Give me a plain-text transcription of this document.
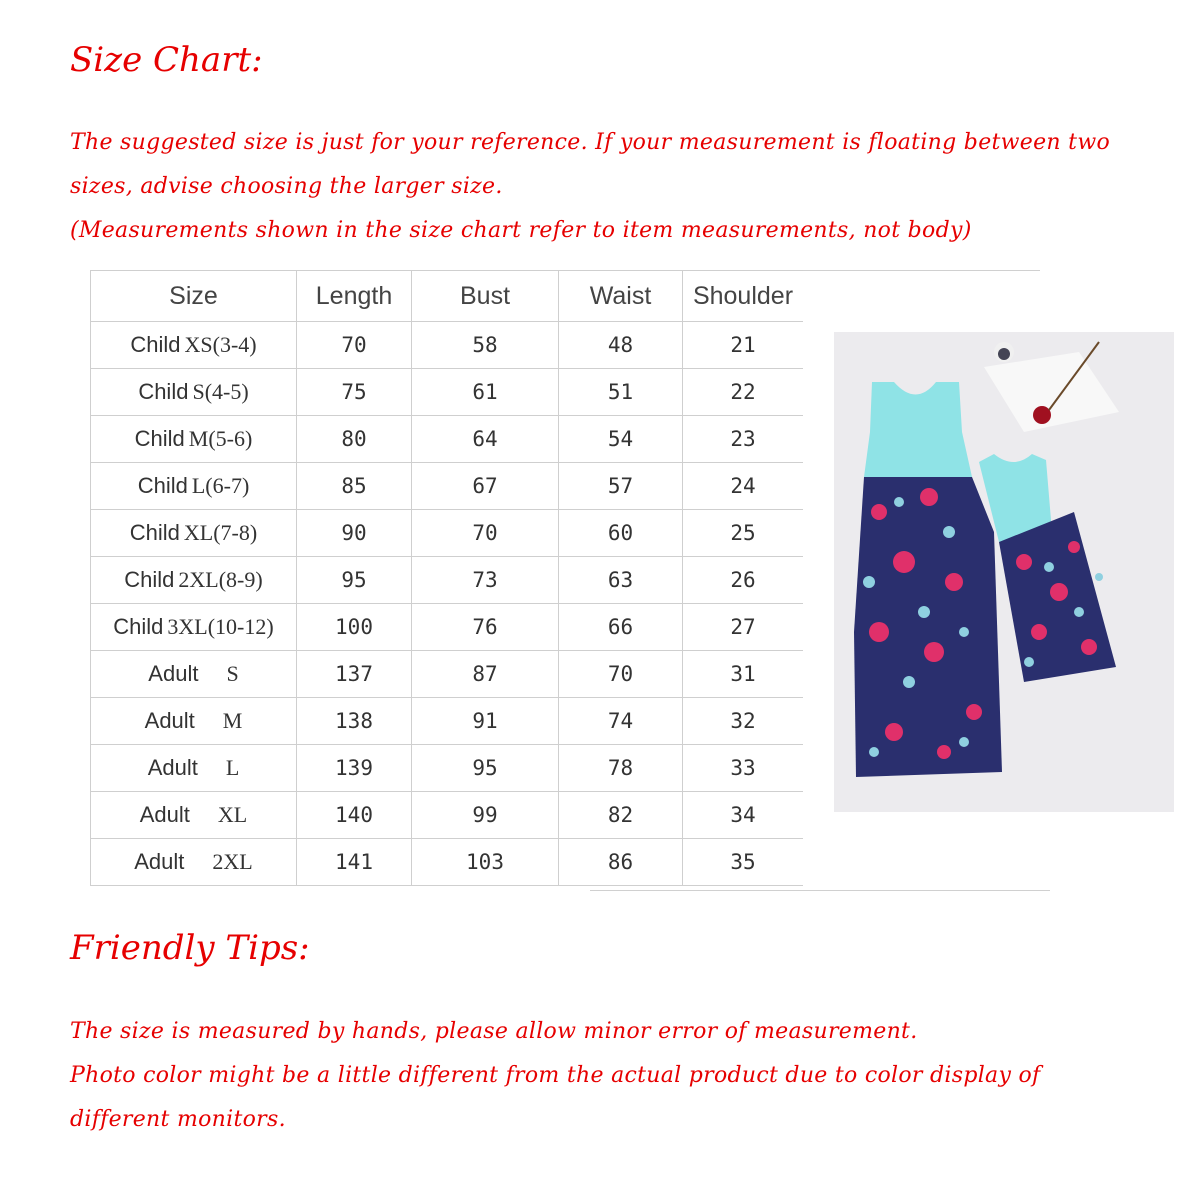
Size Chart:
The suggested size is just for your reference. If your measurement is floating between two
sizes, advise choosing the larger size.
(Measurements shown in the size chart refer to item measurements, not body)
Size	Length	Bust	Waist	Shoulder
Child XS(3-4)	70	58	48	21
Child S(4-5)	75	61	51	22
Child M(5-6)	80	64	54	23
Child L(6-7)	85	67	57	24
Child XL(7-8)	90	70	60	25
Child 2XL(8-9)	95	73	63	26
Child 3XL(10-12)	100	76	66	27
Adult S	137	87	70	31
Adult M	138	91	74	32
Adult L	139	95	78	33
Adult XL	140	99	82	34
Adult 2XL	141	103	86	35
Friendly Tips:
The size is measured by hands, please allow minor error of measurement.
Photo color might be a little different from the actual product due to color display of
different monitors.
